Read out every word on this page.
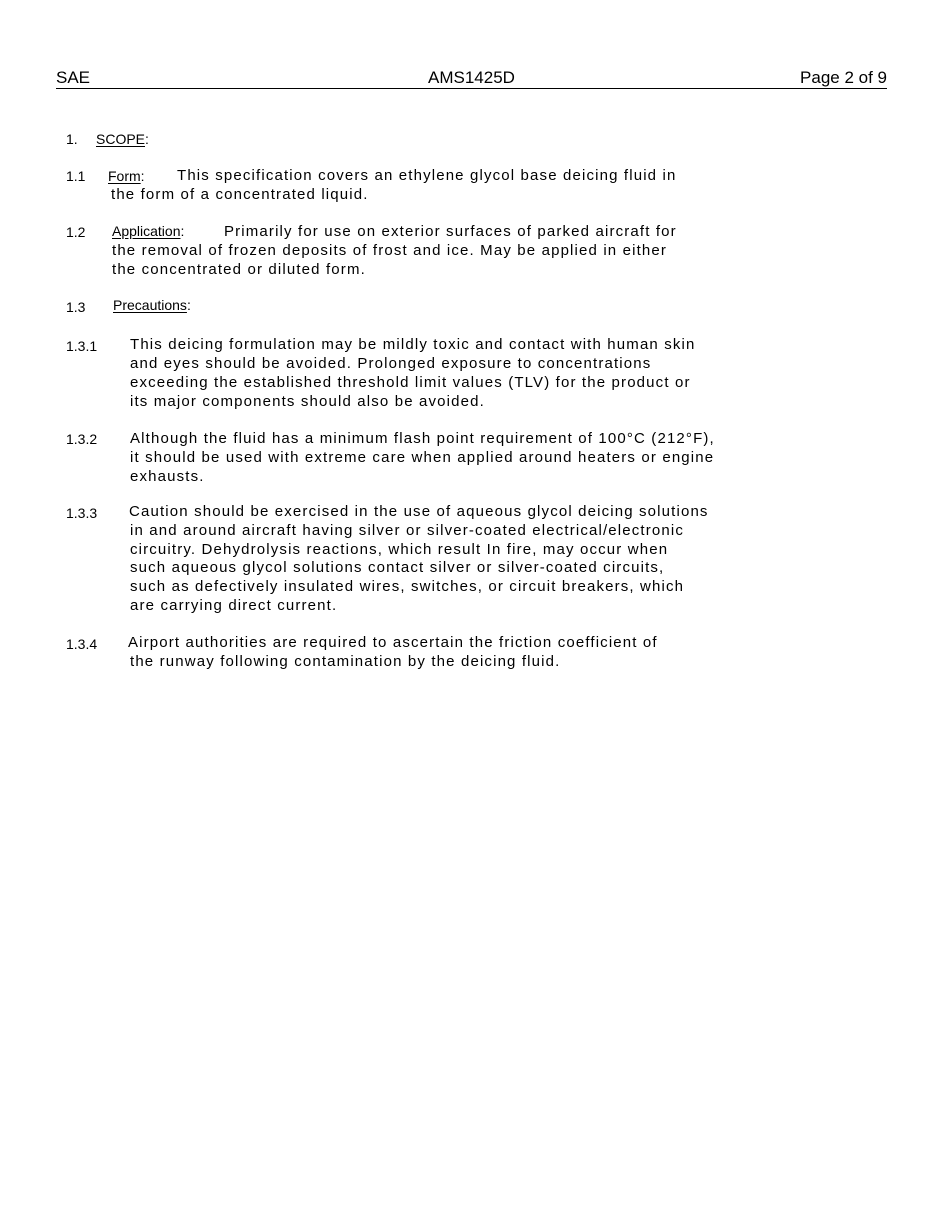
SAE	AMS1425D	Page 2 of 9
1. SCOPE:
1.1 Form: This specification covers an ethylene glycol base deicing fluid in
the form of a concentrated liquid.
1.2 Application:	Primarily for use on exterior surfaces of parked aircraft for
the removal of frozen deposits of frost and ice. May be applied in either
the concentrated or diluted form.
1.3 Precautions:
1.3.1 This deicing formulation may be mildly toxic and contact with human skin
and eyes should be avoided. Prolonged exposure to concentrations
exceeding the established threshold limit values (TLV) for the product or
its major components should also be avoided.
1.3.2 Although the fluid has a minimum flash point requirement of 100°C (212°F),
it should be used with extreme care when applied around heaters or engine
exhausts.
1.3.3 Caution should be exercised in the use of aqueous glycol deicing solutions
in and around aircraft having silver or silver-coated electrical/electronic
circuitry. Dehydrolysis reactions, which result In fire, may occur when
such aqueous glycol solutions contact silver or silver-coated circuits,
such as defectively insulated wires, switches, or circuit breakers, which
are carrying direct current.
1.3.4 Airport authorities are required to ascertain the friction coefficient of
the runway following contamination by the deicing fluid.
